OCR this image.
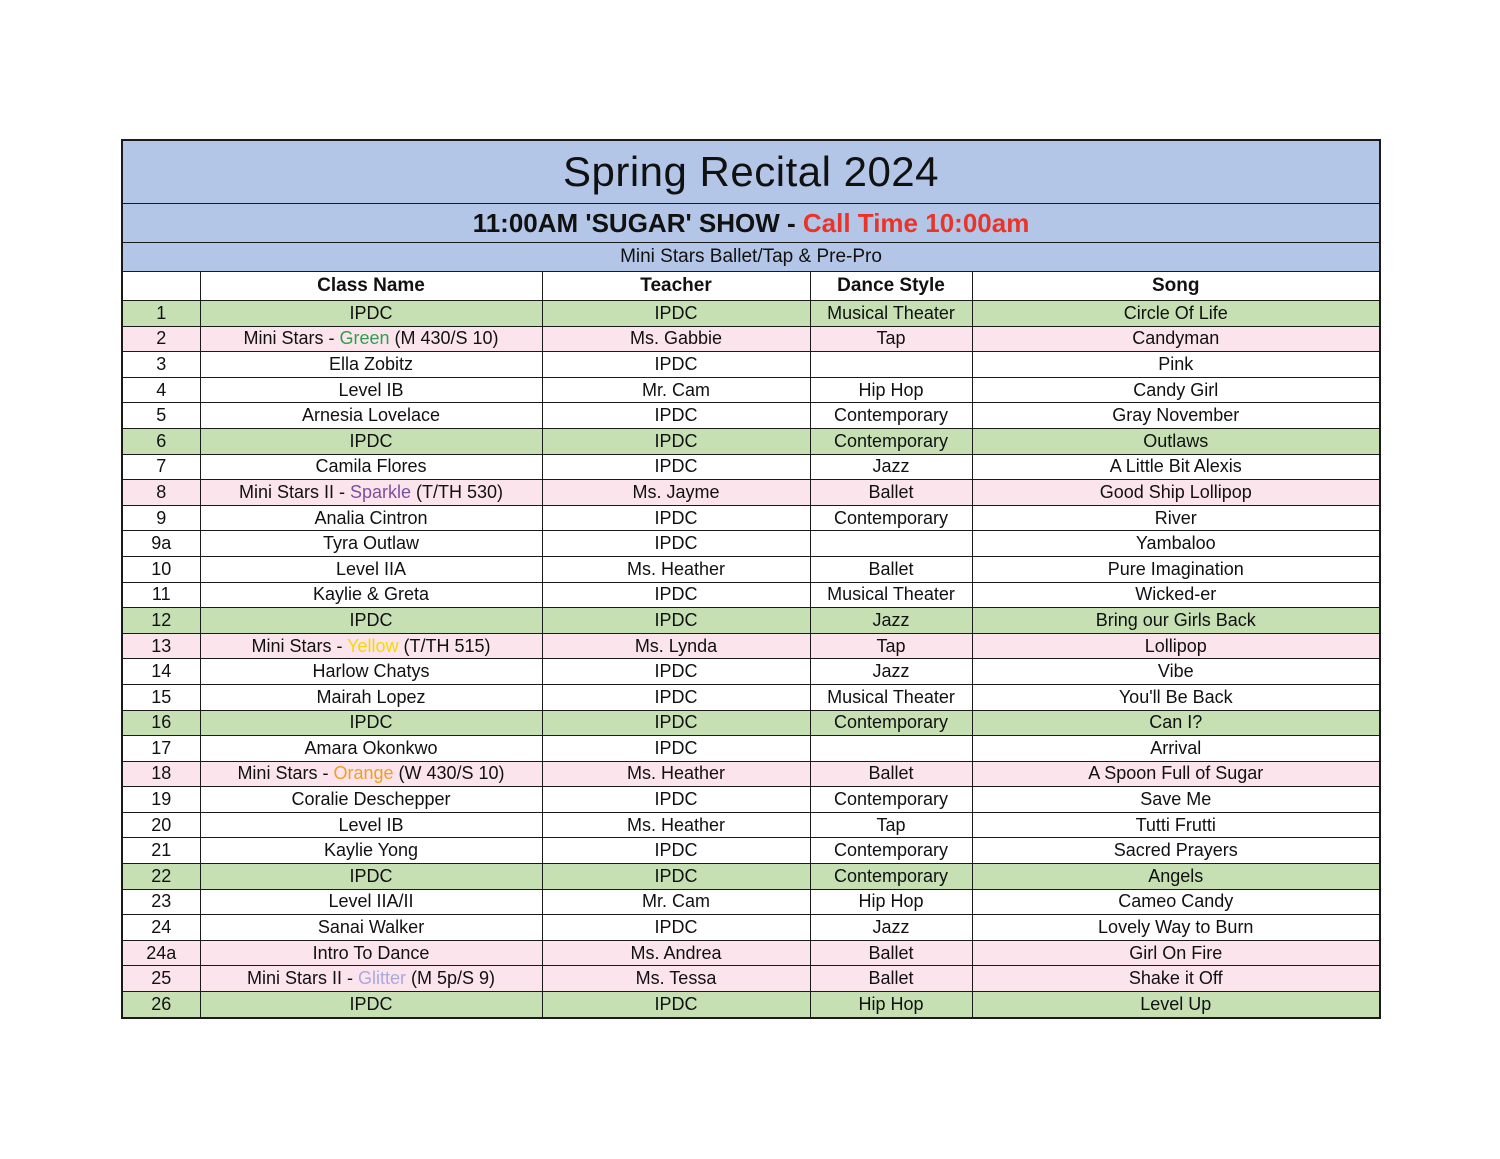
Spring Recital 2024				
11:00AM 'SUGAR' SHOW - Call Time 10:00am				
Mini Stars Ballet/Tap & Pre-Pro				
	Class Name	Teacher	Dance Style	Song
1	IPDC	IPDC	Musical Theater	Circle Of Life
2	Mini Stars - Green (M 430/S 10)	Ms. Gabbie	Tap	Candyman
3	Ella Zobitz	IPDC		Pink
4	Level IB	Mr. Cam	Hip Hop	Candy Girl
5	Arnesia Lovelace	IPDC	Contemporary	Gray November
6	IPDC	IPDC	Contemporary	Outlaws
7	Camila Flores	IPDC	Jazz	A Little Bit Alexis
8	Mini Stars II - Sparkle (T/TH 530)	Ms. Jayme	Ballet	Good Ship Lollipop
9	Analia Cintron	IPDC	Contemporary	River
9a	Tyra Outlaw	IPDC		Yambaloo
10	Level IIA	Ms. Heather	Ballet	Pure Imagination
11	Kaylie & Greta	IPDC	Musical Theater	Wicked-er
12	IPDC	IPDC	Jazz	Bring our Girls Back
13	Mini Stars - Yellow (T/TH 515)	Ms. Lynda	Tap	Lollipop
14	Harlow Chatys	IPDC	Jazz	Vibe
15	Mairah Lopez	IPDC	Musical Theater	You'll Be Back
16	IPDC	IPDC	Contemporary	Can I?
17	Amara Okonkwo	IPDC		Arrival
18	Mini Stars - Orange (W 430/S 10)	Ms. Heather	Ballet	A Spoon Full of Sugar
19	Coralie Deschepper	IPDC	Contemporary	Save Me
20	Level IB	Ms. Heather	Tap	Tutti Frutti
21	Kaylie Yong	IPDC	Contemporary	Sacred Prayers
22	IPDC	IPDC	Contemporary	Angels
23	Level IIA/II	Mr. Cam	Hip Hop	Cameo Candy
24	Sanai Walker	IPDC	Jazz	Lovely Way to Burn
24a	Intro To Dance	Ms. Andrea	Ballet	Girl On Fire
25	Mini Stars II - Glitter (M 5p/S 9)	Ms. Tessa	Ballet	Shake it Off
26	IPDC	IPDC	Hip Hop	Level Up
